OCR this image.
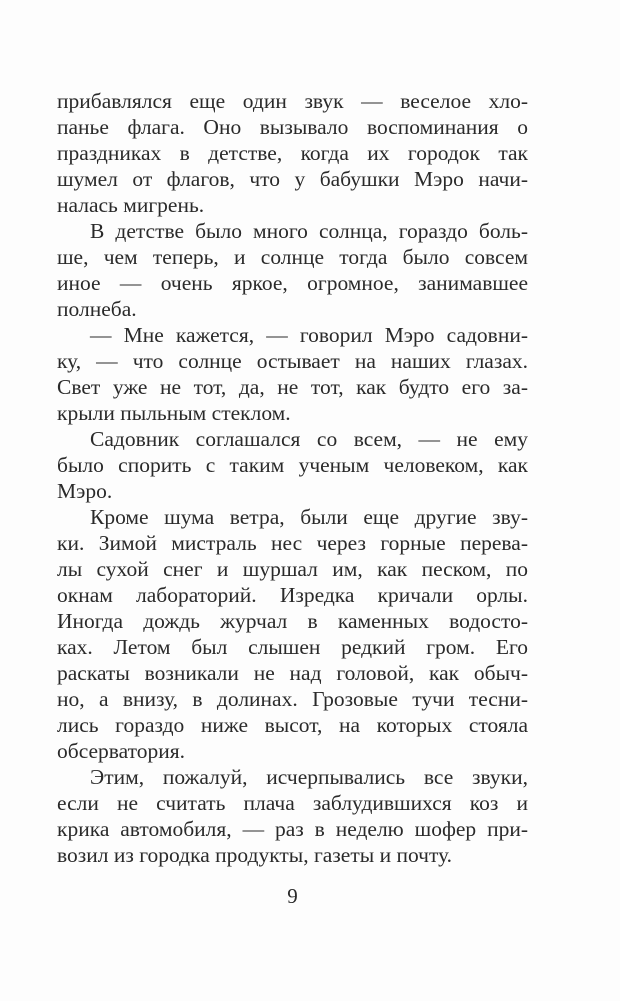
прибавлялся еще один звук — веселое хло-
панье флага. Оно вызывало воспоминания о
праздниках в детстве, когда их городок так
шумел от флагов, что у бабушки Мэро начи-
налась мигрень.
В детстве было много солнца, гораздо боль-
ше, чем теперь, и солнце тогда было совсем
иное — очень яркое, огромное, занимавшее
полнеба.
— Мне кажется, — говорил Мэро садовни-
ку, — что солнце остывает на наших глазах.
Свет уже не тот, да, не тот, как будто его за-
крыли пыльным стеклом.
Садовник соглашался со всем, — не ему
было спорить с таким ученым человеком, как
Мэро.
Кроме шума ветра, были еще другие зву-
ки. Зимой мистраль нес через горные перева-
лы сухой снег и шуршал им, как песком, по
окнам лабораторий. Изредка кричали орлы.
Иногда дождь журчал в каменных водосто-
ках. Летом был слышен редкий гром. Его
раскаты возникали не над головой, как обыч-
но, а внизу, в долинах. Грозовые тучи тесни-
лись гораздо ниже высот, на которых стояла
обсерватория.
Этим, пожалуй, исчерпывались все звуки,
если не считать плача заблудившихся коз и
крика автомобиля, — раз в неделю шофер при-
возил из городка продукты, газеты и почту.
9
